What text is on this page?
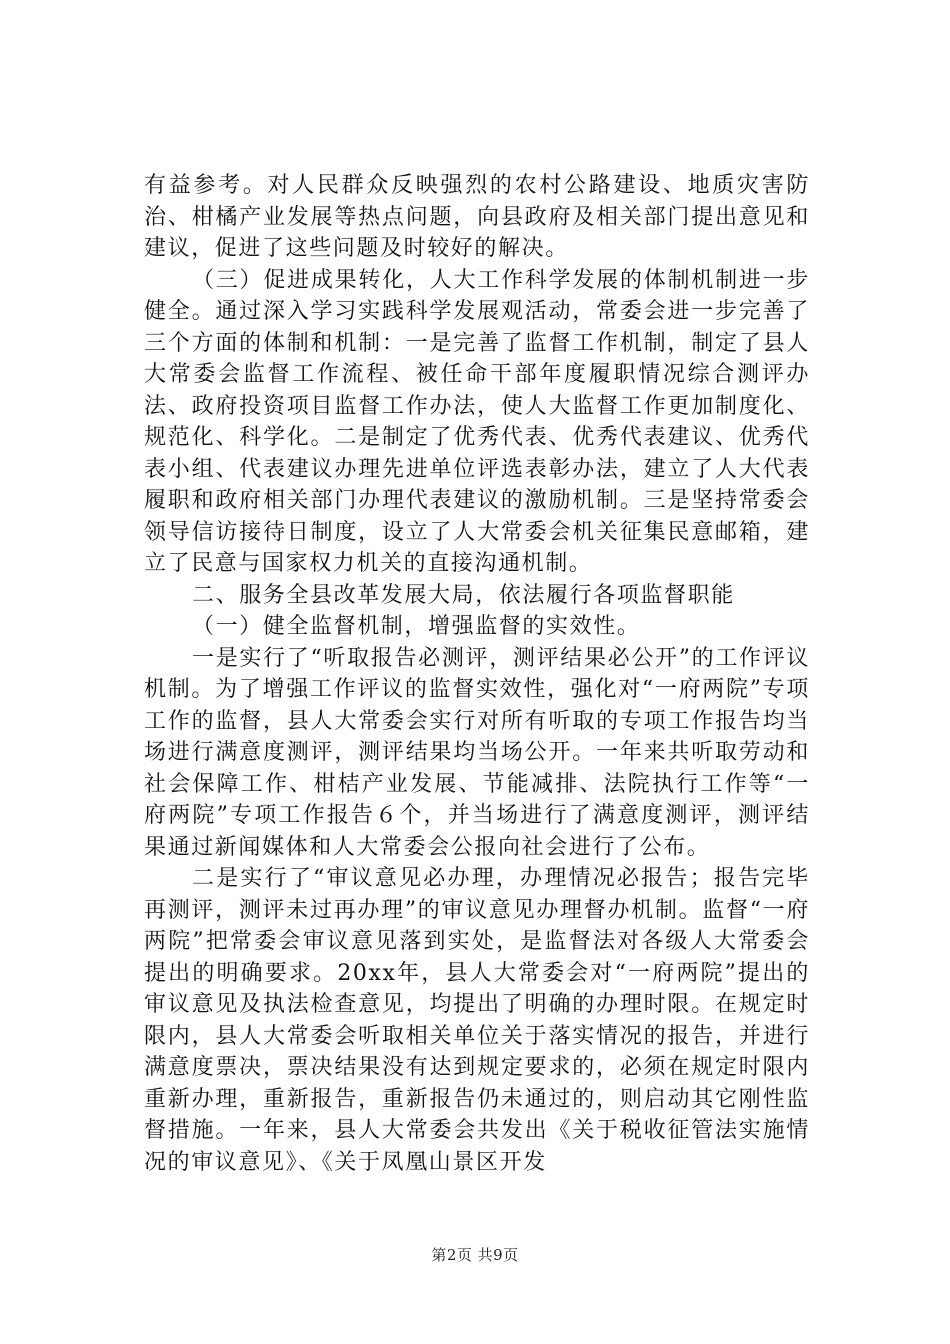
有益参考。对人民群众反映强烈的农村公路建设、地质灾害防治、柑橘产业发展等热点问题，向县政府及相关部门提出意见和建议，促进了这些问题及时较好的解决。

（三）促进成果转化，人大工作科学发展的体制机制进一步健全。通过深入学习实践科学发展观活动，常委会进一步完善了三个方面的体制和机制：一是完善了监督工作机制，制定了县人大常委会监督工作流程、被任命干部年度履职情况综合测评办法、政府投资项目监督工作办法，使人大监督工作更加制度化、规范化、科学化。二是制定了优秀代表、优秀代表建议、优秀代表小组、代表建议办理先进单位评选表彰办法，建立了人大代表履职和政府相关部门办理代表建议的激励机制。三是坚持常委会领导信访接待日制度，设立了人大常委会机关征集民意邮箱，建立了民意与国家权力机关的直接沟通机制。

二、服务全县改革发展大局，依法履行各项监督职能

（一）健全监督机制，增强监督的实效性。

一是实行了“听取报告必测评，测评结果必公开”的工作评议机制。为了增强工作评议的监督实效性，强化对“一府两院”专项工作的监督，县人大常委会实行对所有听取的专项工作报告均当场进行满意度测评，测评结果均当场公开。一年来共听取劳动和社会保障工作、柑桔产业发展、节能减排、法院执行工作等“一府两院”专项工作报告６个，并当场进行了满意度测评，测评结果通过新闻媒体和人大常委会公报向社会进行了公布。

二是实行了“审议意见必办理，办理情况必报告；报告完毕再测评，测评未过再办理”的审议意见办理督办机制。监督“一府两院”把常委会审议意见落到实处，是监督法对各级人大常委会提出的明确要求。20xx年，县人大常委会对“一府两院”提出的审议意见及执法检查意见，均提出了明确的办理时限。在规定时限内，县人大常委会听取相关单位关于落实情况的报告，并进行满意度票决，票决结果没有达到规定要求的，必须在规定时限内重新办理，重新报告，重新报告仍未通过的，则启动其它刚性监督措施。一年来，县人大常委会共发出《关于税收征管法实施情况的审议意见》、《关于凤凰山景区开发

第2页 共9页
